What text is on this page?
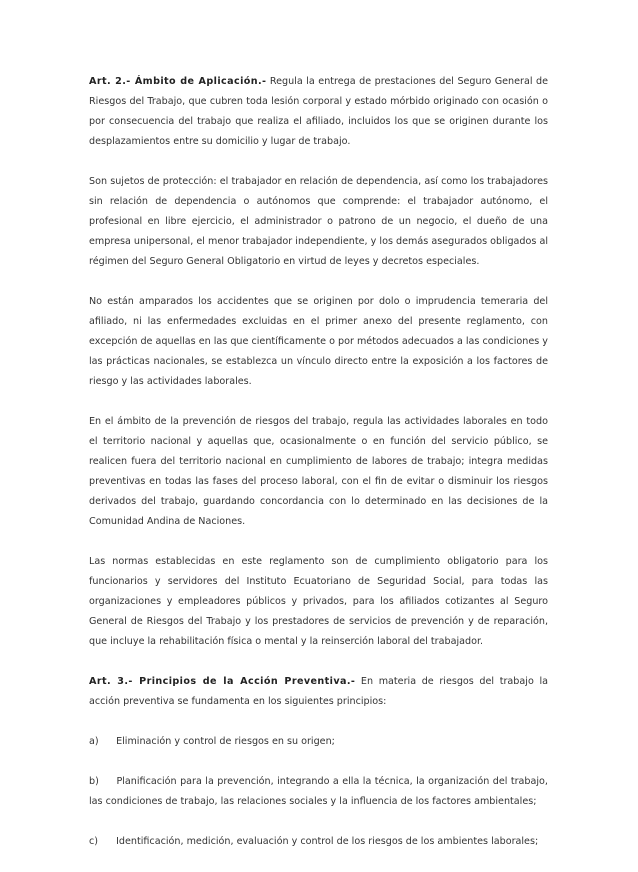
Art. 2.- Ámbito de Aplicación.- Regula la entrega de prestaciones del Seguro General de Riesgos del Trabajo, que cubren toda lesión corporal y estado mórbido originado con ocasión o por consecuencia del trabajo que realiza el afiliado, incluidos los que se originen durante los desplazamientos entre su domicilio y lugar de trabajo.

Son sujetos de protección: el trabajador en relación de dependencia, así como los trabajadores sin relación de dependencia o autónomos que comprende: el trabajador autónomo, el profesional en libre ejercicio, el administrador o patrono de un negocio, el dueño de una empresa unipersonal, el menor trabajador independiente, y los demás asegurados obligados al régimen del Seguro General Obligatorio en virtud de leyes y decretos especiales.

No están amparados los accidentes que se originen por dolo o imprudencia temeraria del afiliado, ni las enfermedades excluidas en el primer anexo del presente reglamento, con excepción de aquellas en las que científicamente o por métodos adecuados a las condiciones y las prácticas nacionales, se establezca un vínculo directo entre la exposición a los factores de riesgo y las actividades laborales.

En el ámbito de la prevención de riesgos del trabajo, regula las actividades laborales en todo el territorio nacional y aquellas que, ocasionalmente o en función del servicio público, se realicen fuera del territorio nacional en cumplimiento de labores de trabajo; integra medidas preventivas en todas las fases del proceso laboral, con el fin de evitar o disminuir los riesgos derivados del trabajo, guardando concordancia con lo determinado en las decisiones de la Comunidad Andina de Naciones.

Las normas establecidas en este reglamento son de cumplimiento obligatorio para los funcionarios y servidores del Instituto Ecuatoriano de Seguridad Social, para todas las organizaciones y empleadores públicos y privados, para los afiliados cotizantes al Seguro General de Riesgos del Trabajo y los prestadores de servicios de prevención y de reparación, que incluye la rehabilitación física o mental y la reinserción laboral del trabajador.

Art. 3.- Principios de la Acción Preventiva.- En materia de riesgos del trabajo la acción preventiva se fundamenta en los siguientes principios:

a) Eliminación y control de riesgos en su origen;

b) Planificación para la prevención, integrando a ella la técnica, la organización del trabajo, las condiciones de trabajo, las relaciones sociales y la influencia de los factores ambientales;

c) Identificación, medición, evaluación y control de los riesgos de los ambientes laborales;
